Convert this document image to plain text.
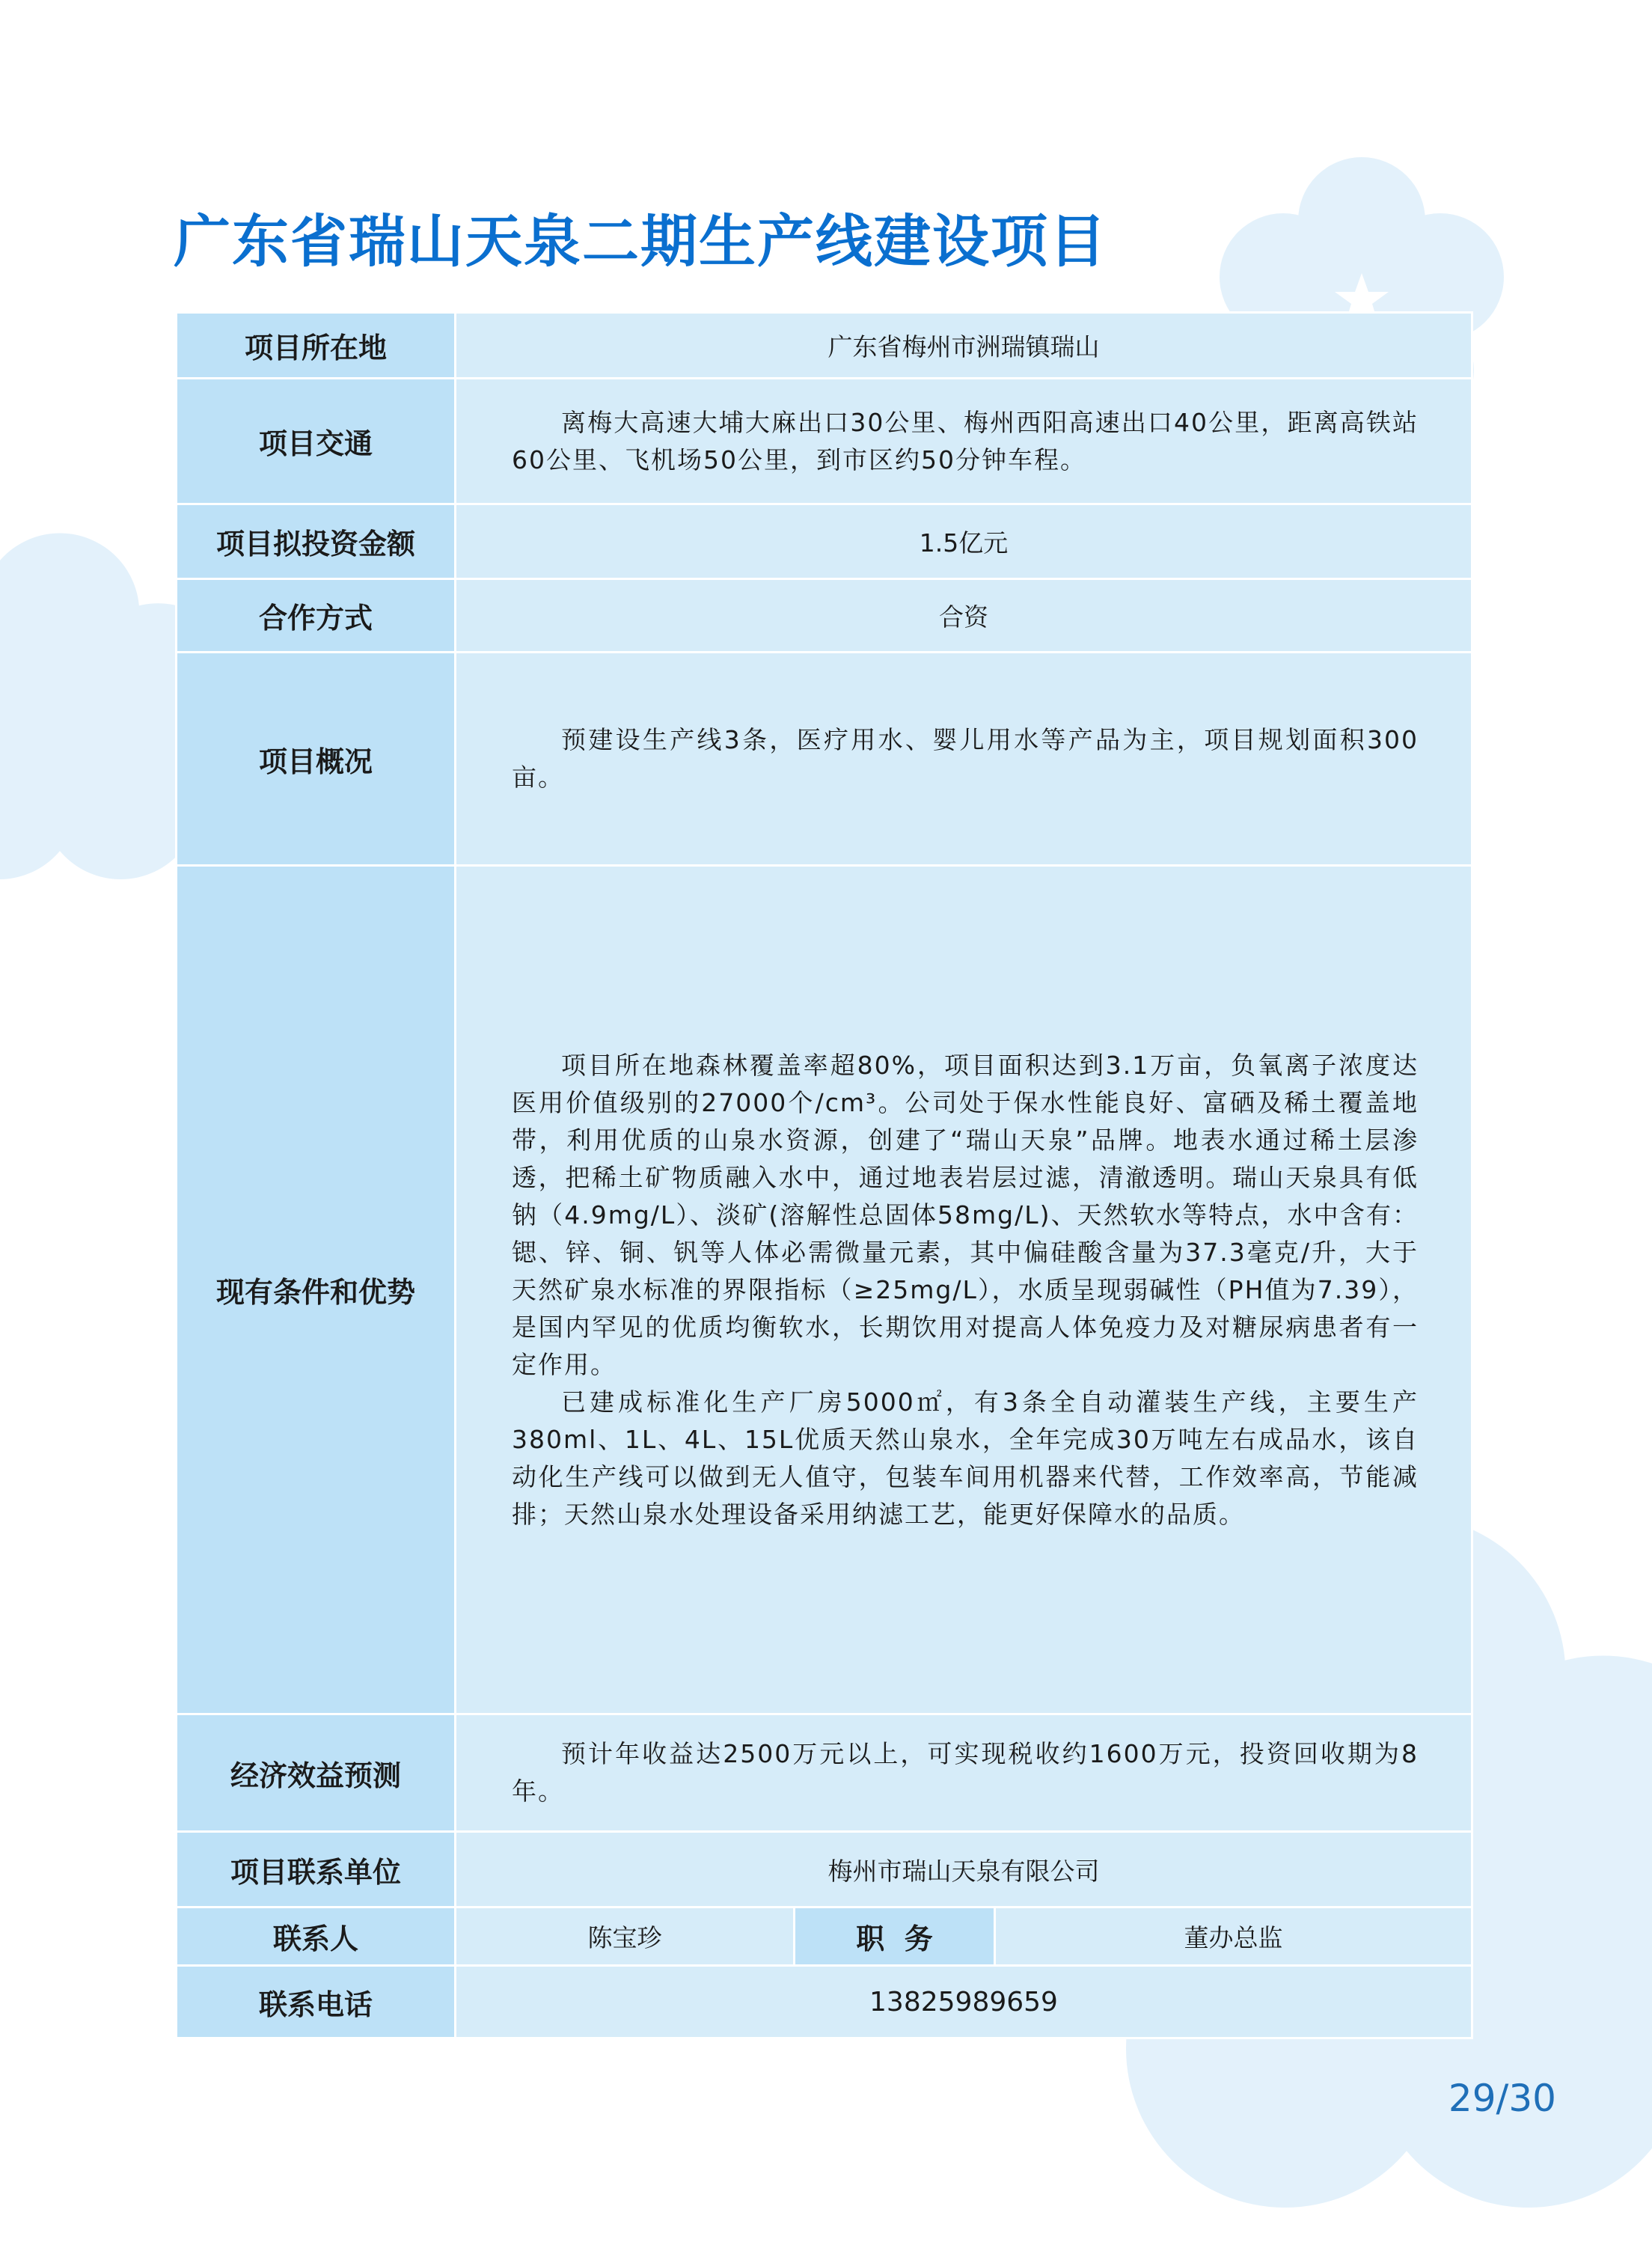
广东省瑞山天泉二期生产线建设项目
项目所在地	广东省梅州市洲瑞镇瑞山		
项目交通	离梅大高速大埔大麻出口30公里、梅州西阳高速出口40公里，距离高铁站60公里、飞机场50公里，到市区约50分钟车程。		

项目拟投资金额	1.5亿元		
合作方式	合资		
项目概况	预建设生产线3条，医疗用水、婴儿用水等产品为主，项目规划面积300亩。		

现有条件和优势	项目所在地森林覆盖率超80%，项目面积达到3.1万亩，负氧离子浓度达医用价值级别的27000个/cm³。公司处于保水性能良好、富硒及稀土覆盖地带，利用优质的山泉水资源，创建了“瑞山天泉”品牌。地表水通过稀土层渗透，把稀土矿物质融入水中，通过地表岩层过滤，清澈透明。瑞山天泉具有低钠（4.9mg/L）、淡矿(溶解性总固体58mg/L)、天然软水等特点，水中含有：锶、锌、铜、钒等人体必需微量元素，其中偏硅酸含量为37.3毫克/升，大于天然矿泉水标准的界限指标（≥25mg/L），水质呈现弱碱性（PH值为7.39），是国内罕见的优质均衡软水，长期饮用对提高人体免疫力及对糖尿病患者有一定作用。

已建成标准化生产厂房5000㎡，有3条全自动灌装生产线，主要生产380ml、1L、4L、15L优质天然山泉水，全年完成30万吨左右成品水，该自动化生产线可以做到无人值守，包装车间用机器来代替，工作效率高，节能减排；天然山泉水处理设备采用纳滤工艺，能更好保障水的品质。		

经济效益预测	预计年收益达2500万元以上，可实现税收约1600万元，投资回收期为8年。		

项目联系单位	梅州市瑞山天泉有限公司		
联系人	陈宝珍	职  务	董办总监
联系电话	13825989659		
29/30
